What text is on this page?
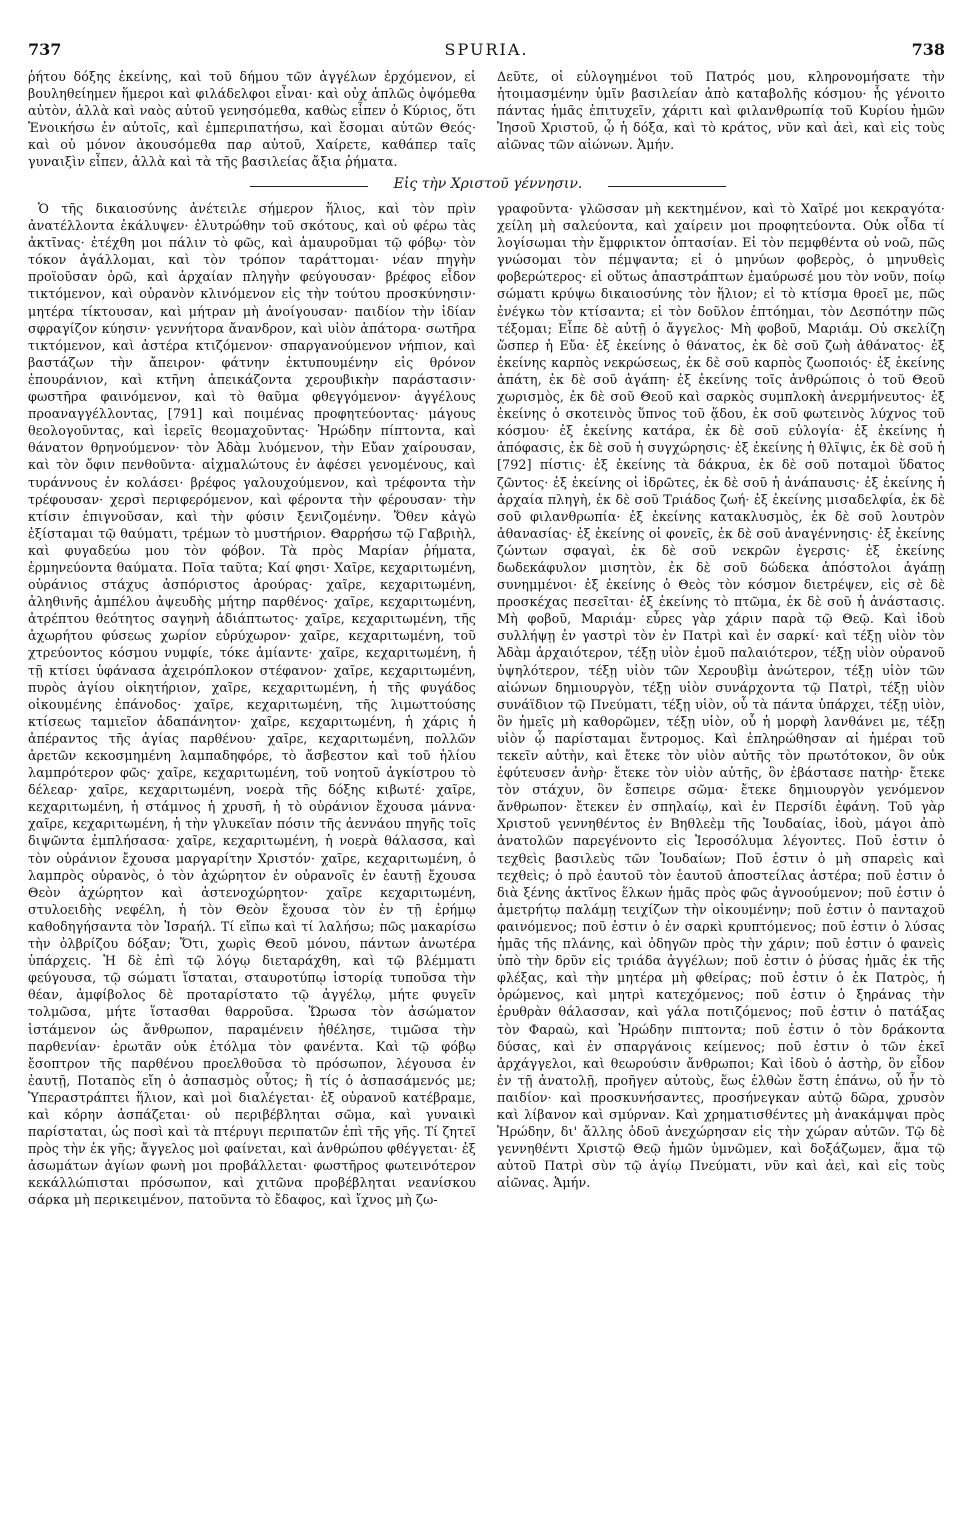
737	SPURIA.	738

ῥήτου δόξης ἐκείνης, καὶ τοῦ δήμου τῶν ἀγγέλων ἐρχόμενον, εἰ βουληθείημεν ἥμεροι καὶ φιλάδελφοι εἶναι· καὶ οὐχ ἁπλῶς ὀψόμεθα αὐτὸν, ἀλλὰ καὶ ναὸς αὐτοῦ γενησόμεθα, καθὼς εἶπεν ὁ Κύριος, ὅτι Ἐνοικήσω ἐν αὐτοῖς, καὶ ἐμπεριπατήσω, καὶ ἔσομαι αὐτῶν Θεός· καὶ οὐ μόνον ἀκουσόμεθα παρ αὐτοῦ, Χαίρετε, καθάπερ ταῖς γυναιξὶν εἶπεν, ἀλλὰ καὶ τὰ τῆς βασιλείας ἄξια ῥήματα.

Δεῦτε, οἱ εὐλογημένοι τοῦ Πατρός μου, κληρονομήσατε τὴν ἡτοιμασμένην ὑμῖν βασιλείαν ἀπὸ καταβολῆς κόσμου· ἧς γένοιτο πάντας ἡμᾶς ἐπιτυχεῖν, χάριτι καὶ φιλανθρωπίᾳ τοῦ Κυρίου ἡμῶν Ἰησοῦ Χριστοῦ, ᾧ ἡ δόξα, καὶ τὸ κράτος, νῦν καὶ ἀεὶ, καὶ εἰς τοὺς αἰῶνας τῶν αἰώνων. Ἀμήν.

Εἰς τὴν Χριστοῦ γέννησιν.

Ὁ τῆς δικαιοσύνης ἀνέτειλε σήμερον ἥλιος, καὶ τὸν πρὶν ἀνατέλλοντα ἐκάλυψεν· ἐλυτρώθην τοῦ σκότους, καὶ οὐ φέρω τὰς ἀκτῖνας· ἐτέχθη μοι πάλιν τὸ φῶς, καὶ ἀμαυροῦμαι τῷ φόβῳ· τὸν τόκον ἀγάλλομαι, καὶ τὸν τρόπον ταράττομαι· νέαν πηγὴν προϊοῦσαν ὁρῶ, καὶ ἀρχαίαν πληγὴν φεύγουσαν· βρέφος εἶδον τικτόμενον, καὶ οὐρανὸν κλινόμενον εἰς τὴν τούτου προσκύνησιν· μητέρα τίκτουσαν, καὶ μήτραν μὴ ἀνοίγουσαν· παιδίον τὴν ἰδίαν σφραγίζον κύησιν· γεννήτορα ἄνανδρον, καὶ υἱὸν ἀπάτορα· σωτῆρα τικτόμενον, καὶ ἀστέρα κτιζόμενον· σπαργανούμενον νήπιον, καὶ βαστάζων τὴν ἄπειρον· φάτνην ἐκτυπουμένην εἰς θρόνον ἐπουράνιον, καὶ κτῆνη ἀπεικάζοντα χερουβικὴν παράστασιν· φωστῆρα φαινόμενον, καὶ τὸ θαῦμα φθεγγόμενον· ἀγγέλους προαναγγέλλοντας, [791] καὶ ποιμένας προφητεύοντας· μάγους θεολογοῦντας, καὶ ἱερεῖς θεομαχοῦντας· Ἡρώδην πίπτοντα, καὶ θάνατον θρηνούμενον· τὸν Ἀδὰμ λυόμενον, τὴν Εὔαν χαίρουσαν, καὶ τὸν ὄφιν πενθοῦντα· αἰχμαλώτους ἐν ἀφέσει γενομένους, καὶ τυράννους ἐν κολάσει· βρέφος γαλουχούμενον, καὶ τρέφοντα τὴν τρέφουσαν· χερσὶ περιφερόμενον, καὶ φέροντα τὴν φέρουσαν· τὴν κτίσιν ἐπιγνοῦσαν, καὶ τὴν φύσιν ξενιζομένην. Ὅθεν κἀγὼ ἐξίσταμαι τῷ θαύματι, τρέμων τὸ μυστήριον. Θαρρήσω τῷ Γαβριὴλ, καὶ φυγαδεύω μου τὸν φόβον. Τὰ πρὸς Μαρίαν ῥήματα, ἑρμηνεύοντα θαύματα. Ποῖα ταῦτα; Καί φησι· Χαῖρε, κεχαριτωμένη, οὐράνιος στάχυς ἀσπόριστος ἀρούρας· χαῖρε, κεχαριτωμένη, ἀληθινῆς ἀμπέλου ἀψευδὴς μήτηρ παρθένος· χαῖρε, κεχαριτωμένη, ἀτρέπτου θεότητος σαγηνὴ ἀδιάπτωτος· χαῖρε, κεχαριτωμένη, τῆς ἀχωρήτου φύσεως χωρίον εὐρύχωρον· χαῖρε, κεχαριτωμένη, τοῦ χτρεύοντος κόσμου νυμφίε, τόκε ἀμίαντε· χαῖρε, κεχαριτωμένη, ἡ τῇ κτίσει ὑφάνασα ἀχειρόπλοκον στέφανον· χαῖρε, κεχαριτωμένη, πυρὸς ἁγίου οἰκητήριον, χαῖρε, κεχαριτωμένη, ἡ τῆς φυγάδος οἰκουμένης ἐπάνοδος· χαῖρε, κεχαριτωμένη, τῆς λιμωττούσης κτίσεως ταμιεῖον ἀδαπάνητον· χαῖρε, κεχαριτωμένη, ἡ χάρις ἡ ἀπέραντος τῆς ἁγίας παρθένου· χαῖρε, κεχαριτωμένη, πολλῶν ἀρετῶν κεκοσμημένη λαμπαδηφόρε, τὸ ἄσβεστον καὶ τοῦ ἡλίου λαμπρότερον φῶς· χαῖρε, κεχαριτωμένη, τοῦ νοητοῦ ἀγκίστρου τὸ δέλεαρ· χαῖρε, κεχαριτωμένη, νοερὰ τῆς δόξης κιβωτέ· χαῖρε, κεχαριτωμένη, ἡ στάμνος ἡ χρυσῆ, ἡ τὸ οὐράνιον ἔχουσα μάννα· χαῖρε, κεχαριτωμένη, ἡ τὴν γλυκεῖαν πόσιν τῆς ἀεννάου πηγῆς τοῖς διψῶντα ἐμπλήσασα· χαῖρε, κεχαριτωμένη, ἡ νοερὰ θάλασσα, καὶ τὸν οὐράνιον ἔχουσα μαργαρίτην Χριστόν· χαῖρε, κεχαριτωμένη, ὁ λαμπρὸς οὐρανὸς, ὁ τὸν ἀχώρητον ἐν οὐρανοῖς ἐν ἑαυτῇ ἔχουσα Θεὸν ἀχώρητον καὶ ἀστενοχώρητον· χαῖρε κεχαριτωμένη, στυλοειδὴς νεφέλη, ἡ τὸν Θεὸν ἔχουσα τὸν ἐν τῇ ἐρήμῳ καθοδηγήσαντα τὸν Ἰσραήλ. Τί εἴπω καὶ τί λαλήσω; πῶς μακαρίσω τὴν ὀλβρίζου δόξαν; Ὅτι, χωρὶς Θεοῦ μόνου, πάντων ἀνωτέρα ὑπάρχεις. Ἡ δὲ ἐπὶ τῷ λόγῳ διεταράχθη, καὶ τῷ βλέμματι φεύγουσα, τῷ σώματι ἵσταται, σταυροτύπῳ ἱστορίᾳ τυποῦσα τὴν θέαν, ἀμφίβολος δὲ προταρίστατο τῷ ἀγγέλῳ, μήτε φυγεῖν τολμῶσα, μήτε ἵστασθαι θαρροῦσα. Ὥρωσα τὸν ἀσώματον ἱστάμενον ὡς ἄνθρωπον, παραμένειν ἠθέλησε, τιμῶσα τὴν παρθενίαν· ἐρωτᾶν οὐκ ἐτόλμα τὸν φανέντα. Καὶ τῷ φόβῳ ἔσοπτρον τῆς παρθένου προελθοῦσα τὸ πρόσωπον, λέγουσα ἐν ἑαυτῇ, Ποταπὸς εἴη ὁ ἀσπασμὸς οὗτος; ἢ τίς ὁ ἀσπασάμενός με; Ὑπεραστράπτει ἥλιον, καὶ μοὶ διαλέγεται· ἐξ οὐρανοῦ κατέβραμε, καὶ κόρην ἀσπάζεται· οὐ περιβέβληται σῶμα, καὶ γυναικὶ παρίσταται, ὡς ποσὶ καὶ τὰ πτέρυγι περιπατῶν ἐπὶ τῆς γῆς. Τί ζητεῖ πρὸς τὴν ἐκ γῆς; ἄγγελος μοὶ φαίνεται, καὶ ἀνθρώπου φθέγγεται· ἐξ ἀσωμάτων ἀγίων φωνὴ μοι προβάλλεται· φωστῆρος φωτεινότερον κεκάλλώπισται πρόσωπον, καὶ χιτῶνα προβέβληται νεανίσκου σάρκα μὴ περικειμένον, πατοῦντα τὸ ἔδαφος, καὶ ἴχνος μὴ ζω-

γραφοῦντα· γλῶσσαν μὴ κεκτημένον, καὶ τὸ Χαῖρέ μοι κεκραγότα· χείλη μὴ σαλεύοντα, καὶ χαίρειν μοι προφητεύοντα. Οὐκ οἶδα τί λογίσωμαι τὴν ἔμφρικτον ὀπτασίαν. Εἰ τὸν πεμφθέντα οὐ νοῶ, πῶς γνώσομαι τὸν πέμψαντα; εἰ ὁ μηνύων φοβερὸς, ὁ μηνυθεὶς φοβερώτερος· εἰ οὕτως ἀπαστράπτων ἐμαύρωσέ μου τὸν νοῦν, ποίῳ σώματι κρύψω δικαιοσύνης τὸν ἥλιον; εἰ τὸ κτίσμα θροεῖ με, πῶς ἐνέγκω τὸν κτίσαντα; εἰ τὸν δοῦλον ἐπτόημαι, τὸν Δεσπότην πῶς τέξομαι; Εἶπε δὲ αὐτῇ ὁ ἄγγελος· Μὴ φοβοῦ, Μαριάμ. Οὐ σκελίζη ὥσπερ ἡ Εὔα· ἐξ ἐκείνης ὁ θάνατος, ἐκ δὲ σοῦ ζωὴ ἀθάνατος· ἐξ ἐκείνης καρπὸς νεκρώσεως, ἐκ δὲ σοῦ καρπὸς ζωοποιός· ἐξ ἐκείνης ἀπάτη, ἐκ δὲ σοῦ ἀγάπη· ἐξ ἐκείνης τοῖς ἀνθρώποις ὁ τοῦ Θεοῦ χωρισμὸς, ἐκ δὲ σοῦ Θεοῦ καὶ σαρκὸς συμπλοκὴ ἀνερμήνευτος· ἐξ ἐκείνης ὁ σκοτεινὸς ὕπνος τοῦ ᾅδου, ἐκ σοῦ φωτεινὸς λύχνος τοῦ κόσμου· ἐξ ἐκείνης κατάρα, ἐκ δὲ σοῦ εὐλογία· ἐξ ἐκείνης ἡ ἀπόφασις, ἐκ δὲ σοῦ ἡ συγχώρησις· ἐξ ἐκείνης ἡ θλῖψις, ἐκ δὲ σοῦ ἡ [792] πίστις· ἐξ ἐκείνης τὰ δάκρυα, ἐκ δὲ σοῦ ποταμοὶ ὕδατος ζῶντος· ἐξ ἐκείνης οἱ ἱδρῶτες, ἐκ δὲ σοῦ ἡ ἀνάπαυσις· ἐξ ἐκείνης ἡ ἀρχαία πληγὴ, ἐκ δὲ σοῦ Τριάδος ζωή· ἐξ ἐκείνης μισαδελφία, ἐκ δὲ σοῦ φιλανθρωπία· ἐξ ἐκείνης κατακλυσμὸς, ἐκ δὲ σοῦ λουτρὸν ἀθανασίας· ἐξ ἐκείνης οἱ φονεῖς, ἐκ δὲ σοῦ ἀναγέννησις· ἐξ ἐκείνης ζώντων σφαγαὶ, ἐκ δὲ σοῦ νεκρῶν ἐγερσις· ἐξ ἐκείνης δωδεκάφυλον μισητὸν, ἐκ δὲ σοῦ δώδεκα ἀπόστολοι ἀγάπῃ συνημμένοι· ἐξ ἐκείνης ὁ Θεὸς τὸν κόσμον διετρέψεν, εἰς σὲ δὲ προσκέχας πεσεῖται· ἐξ ἐκείνης τὸ πτῶμα, ἐκ δὲ σοῦ ἡ ἀνάστασις. Μὴ φοβοῦ, Μαριάμ· εὗρες γὰρ χάριν παρὰ τῷ Θεῷ. Καὶ ἰδοὺ συλλήψῃ ἐν γαστρὶ τὸν ἐν Πατρὶ καὶ ἐν σαρκί· καὶ τέξῃ υἱὸν τὸν Ἀδὰμ ἀρχαιότερον, τέξῃ υἱὸν ἐμοῦ παλαιότερον, τέξῃ υἱὸν οὐρανοῦ ὑψηλότερον, τέξῃ υἱὸν τῶν Χερουβὶμ ἀνώτερον, τέξῃ υἱὸν τῶν αἰώνων δημιουργὸν, τέξῃ υἱὸν συνάρχοντα τῷ Πατρὶ, τέξῃ υἱὸν συνάϊδιον τῷ Πνεύματι, τέξῃ υἱὸν, οὗ τὰ πάντα ὑπάρχει, τέξῃ υἱὸν, ὃν ἡμεῖς μὴ καθορῶμεν, τέξῃ υἱὸν, οὗ ἡ μορφὴ λανθάνει με, τέξῃ υἱὸν ᾧ παρίσταμαι ἔντρομος. Καὶ ἐπληρώθησαν αἱ ἡμέραι τοῦ τεκεῖν αὐτὴν, καὶ ἔτεκε τὸν υἱὸν αὐτῆς τὸν πρωτότοκον, ὃν οὐκ ἐφύτευσεν ἀνὴρ· ἔτεκε τὸν υἱὸν αὐτῆς, ὃν ἐβάστασε πατὴρ· ἔτεκε τὸν στάχυν, ὃν ἔσπειρε σῶμα· ἔτεκε δημιουργὸν γενόμενον ἄνθρωπον· ἔτεκεν ἐν σπηλαίῳ, καὶ ἐν Περσίδι ἐφάνη. Τοῦ γὰρ Χριστοῦ γεννηθέντος ἐν Βηθλεὲμ τῆς Ἰουδαίας, ἰδοὺ, μάγοι ἀπὸ ἀνατολῶν παρεγένοντο εἰς Ἱεροσόλυμα λέγοντες. Ποῦ ἐστιν ὁ τεχθεὶς βασιλεὺς τῶν Ἰουδαίων; Ποῦ ἐστιν ὁ μὴ σπαρεὶς καὶ τεχθεὶς; ὁ πρὸ ἑαυτοῦ τὸν ἑαυτοῦ ἀποστείλας ἀστέρα; ποῦ ἐστιν ὁ διὰ ξένης ἀκτῖνος ἕλκων ἡμᾶς πρὸς φῶς ἀγνοούμενον; ποῦ ἐστιν ὁ ἀμετρήτῳ παλάμῃ τειχίζων τὴν οἰκουμένην; ποῦ ἐστιν ὁ πανταχοῦ φαινόμενος; ποῦ ἐστιν ὁ ἐν σαρκὶ κρυπτόμενος; ποῦ ἐστιν ὁ λύσας ἡμᾶς τῆς πλάνης, καὶ ὁδηγῶν πρὸς τὴν χάριν; ποῦ ἐστιν ὁ φανεὶς ὑπὸ τὴν δρῦν εἰς τριάδα ἀγγέλων; ποῦ ἐστιν ὁ ῥύσας ἡμᾶς ἐκ τῆς φλέξας, καὶ τὴν μητέρα μὴ φθείρας; ποῦ ἐστιν ὁ ἐκ Πατρὸς, ἡ ὁρώμενος, καὶ μητρὶ κατεχόμενος; ποῦ ἐστιν ὁ ξηράνας τὴν ἐρυθρὰν θάλασσαν, καὶ γάλα ποτιζόμενος; ποῦ ἐστιν ὁ πατάξας τὸν Φαραὼ, καὶ Ἡρώδην πιπτοντα; ποῦ ἐστιν ὁ τὸν δράκοντα δύσας, καὶ ἐν σπαργάνοις κείμενος; ποῦ ἐστιν ὁ τῶν ἐκεῖ ἀρχάγγελοι, καὶ θεωρούσιν ἄνθρωποι; Καὶ ἰδοὺ ὁ ἀστὴρ, ὃν εἶδον ἐν τῇ ἀνατολῇ, προῆγεν αὐτοὺς, ἕως ἐλθὼν ἔστη ἐπάνω, οὗ ἦν τὸ παιδίον· καὶ προσκυνήσαντες, προσήνεγκαν αὐτῷ δῶρα, χρυσὸν καὶ λίβανον καὶ σμύρναν. Καὶ χρηματισθέντες μὴ ἀνακάμψαι πρὸς Ἡρώδην, δι' ἄλλης ὁδοῦ ἀνεχώρησαν εἰς τὴν χώραν αὐτῶν. Τῷ δὲ γεννηθέντι Χριστῷ Θεῷ ἡμῶν ὑμνῶμεν, καὶ δοξάζωμεν, ἅμα τῷ αὐτοῦ Πατρὶ σὺν τῷ ἁγίῳ Πνεύματι, νῦν καὶ ἀεὶ, καὶ εἰς τοὺς αἰῶνας. Ἀμήν.
